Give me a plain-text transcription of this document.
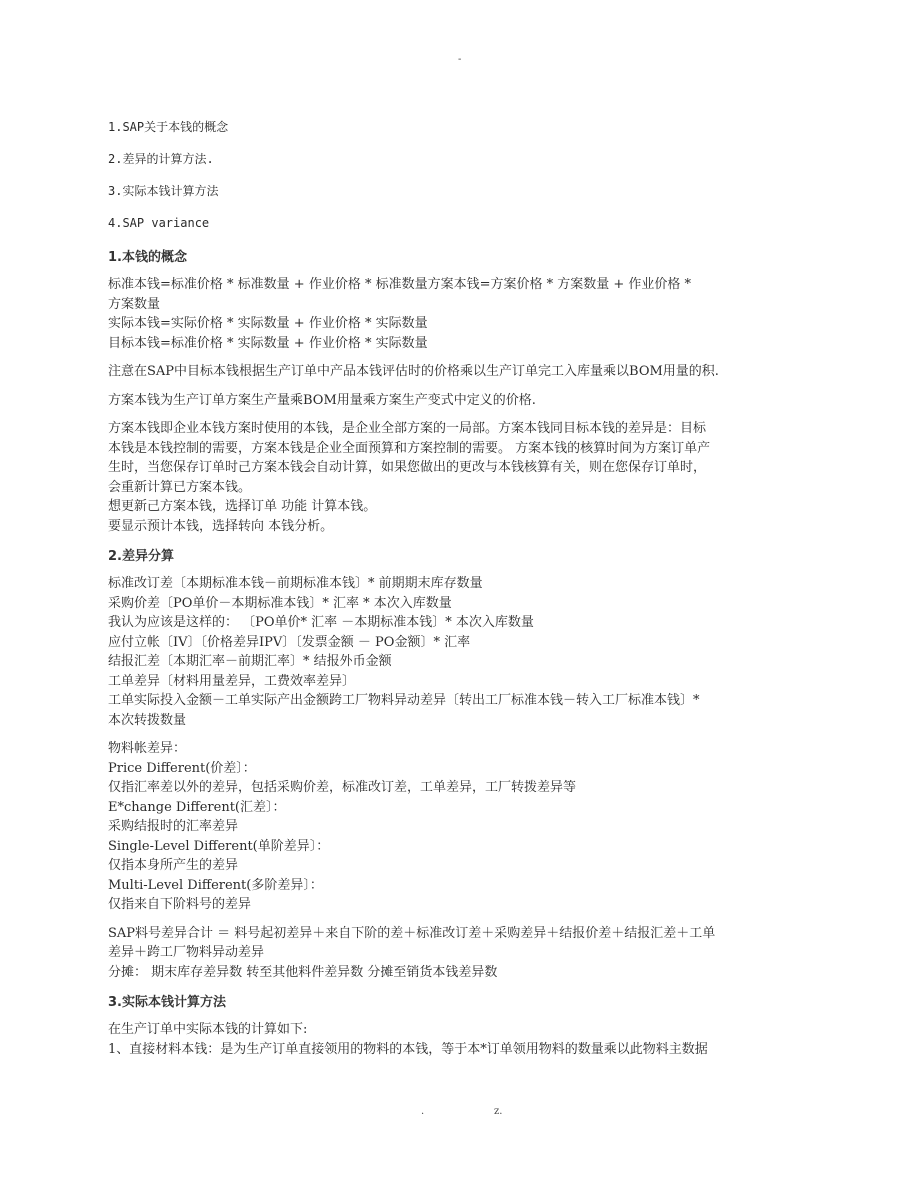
-

1.SAP关于本钱的概念

2.差异的计算方法.

3.实际本钱计算方法

4.SAP variance

1.本钱的概念

标准本钱=标准价格 * 标准数量 + 作业价格 * 标准数量方案本钱=方案价格 * 方案数量 + 作业价格 *

方案数量

实际本钱=实际价格 * 实际数量 + 作业价格 * 实际数量

目标本钱=标准价格 * 实际数量 + 作业价格 * 实际数量

注意在SAP中目标本钱根据生产订单中产品本钱评估时的价格乘以生产订单完工入库量乘以BOM用量的积.

方案本钱为生产订单方案生产量乘BOM用量乘方案生产变式中定义的价格.

方案本钱即企业本钱方案时使用的本钱，是企业全部方案的一局部。方案本钱同目标本钱的差异是：目标

本钱是本钱控制的需要，方案本钱是企业全面预算和方案控制的需要。 方案本钱的核算时间为方案订单产

生时，当您保存订单时己方案本钱会自动计算，如果您做出的更改与本钱核算有关，则在您保存订单时，

会重新计算已方案本钱。

想更新己方案本钱，选择订单 功能 计算本钱。

要显示预计本钱，选择转向 本钱分析。

2.差异分算

标准改订差〔本期标准本钱－前期标准本钱〕* 前期期末库存数量

采购价差〔PO单价－本期标准本钱〕* 汇率 * 本次入库数量

我认为应该是这样的： 〔PO单价* 汇率 －本期标准本钱〕* 本次入库数量

应付立帐〔IV〕〔价格差异IPV〕〔发票金额 － PO金额〕* 汇率

结报汇差〔本期汇率－前期汇率〕* 结报外币金额

工单差异〔材料用量差异，工费效率差异〕

工单实际投入金额－工单实际产出金额跨工厂物料异动差异〔转出工厂标准本钱－转入工厂标准本钱〕*

本次转拨数量

物料帐差异：

Price Different(价差〕：

仅指汇率差以外的差异，包括采购价差，标准改订差，工单差异，工厂转拨差异等

E*change Different(汇差〕：

采购结报时的汇率差异

Single-Level Different(单阶差异〕：

仅指本身所产生的差异

Multi-Level Different(多阶差异〕：

仅指来自下阶料号的差异

SAP料号差异合计 ＝ 料号起初差异＋来自下阶的差＋标准改订差＋采购差异＋结报价差＋结报汇差＋工单

差异＋跨工厂物料异动差异

分摊： 期末库存差异数 转至其他料件差异数 分摊至销货本钱差异数

3.实际本钱计算方法

在生产订单中实际本钱的计算如下:

1、直接材料本钱：是为生产订单直接领用的物料的本钱，等于本*订单领用物料的数量乘以此物料主数据

.	z.
